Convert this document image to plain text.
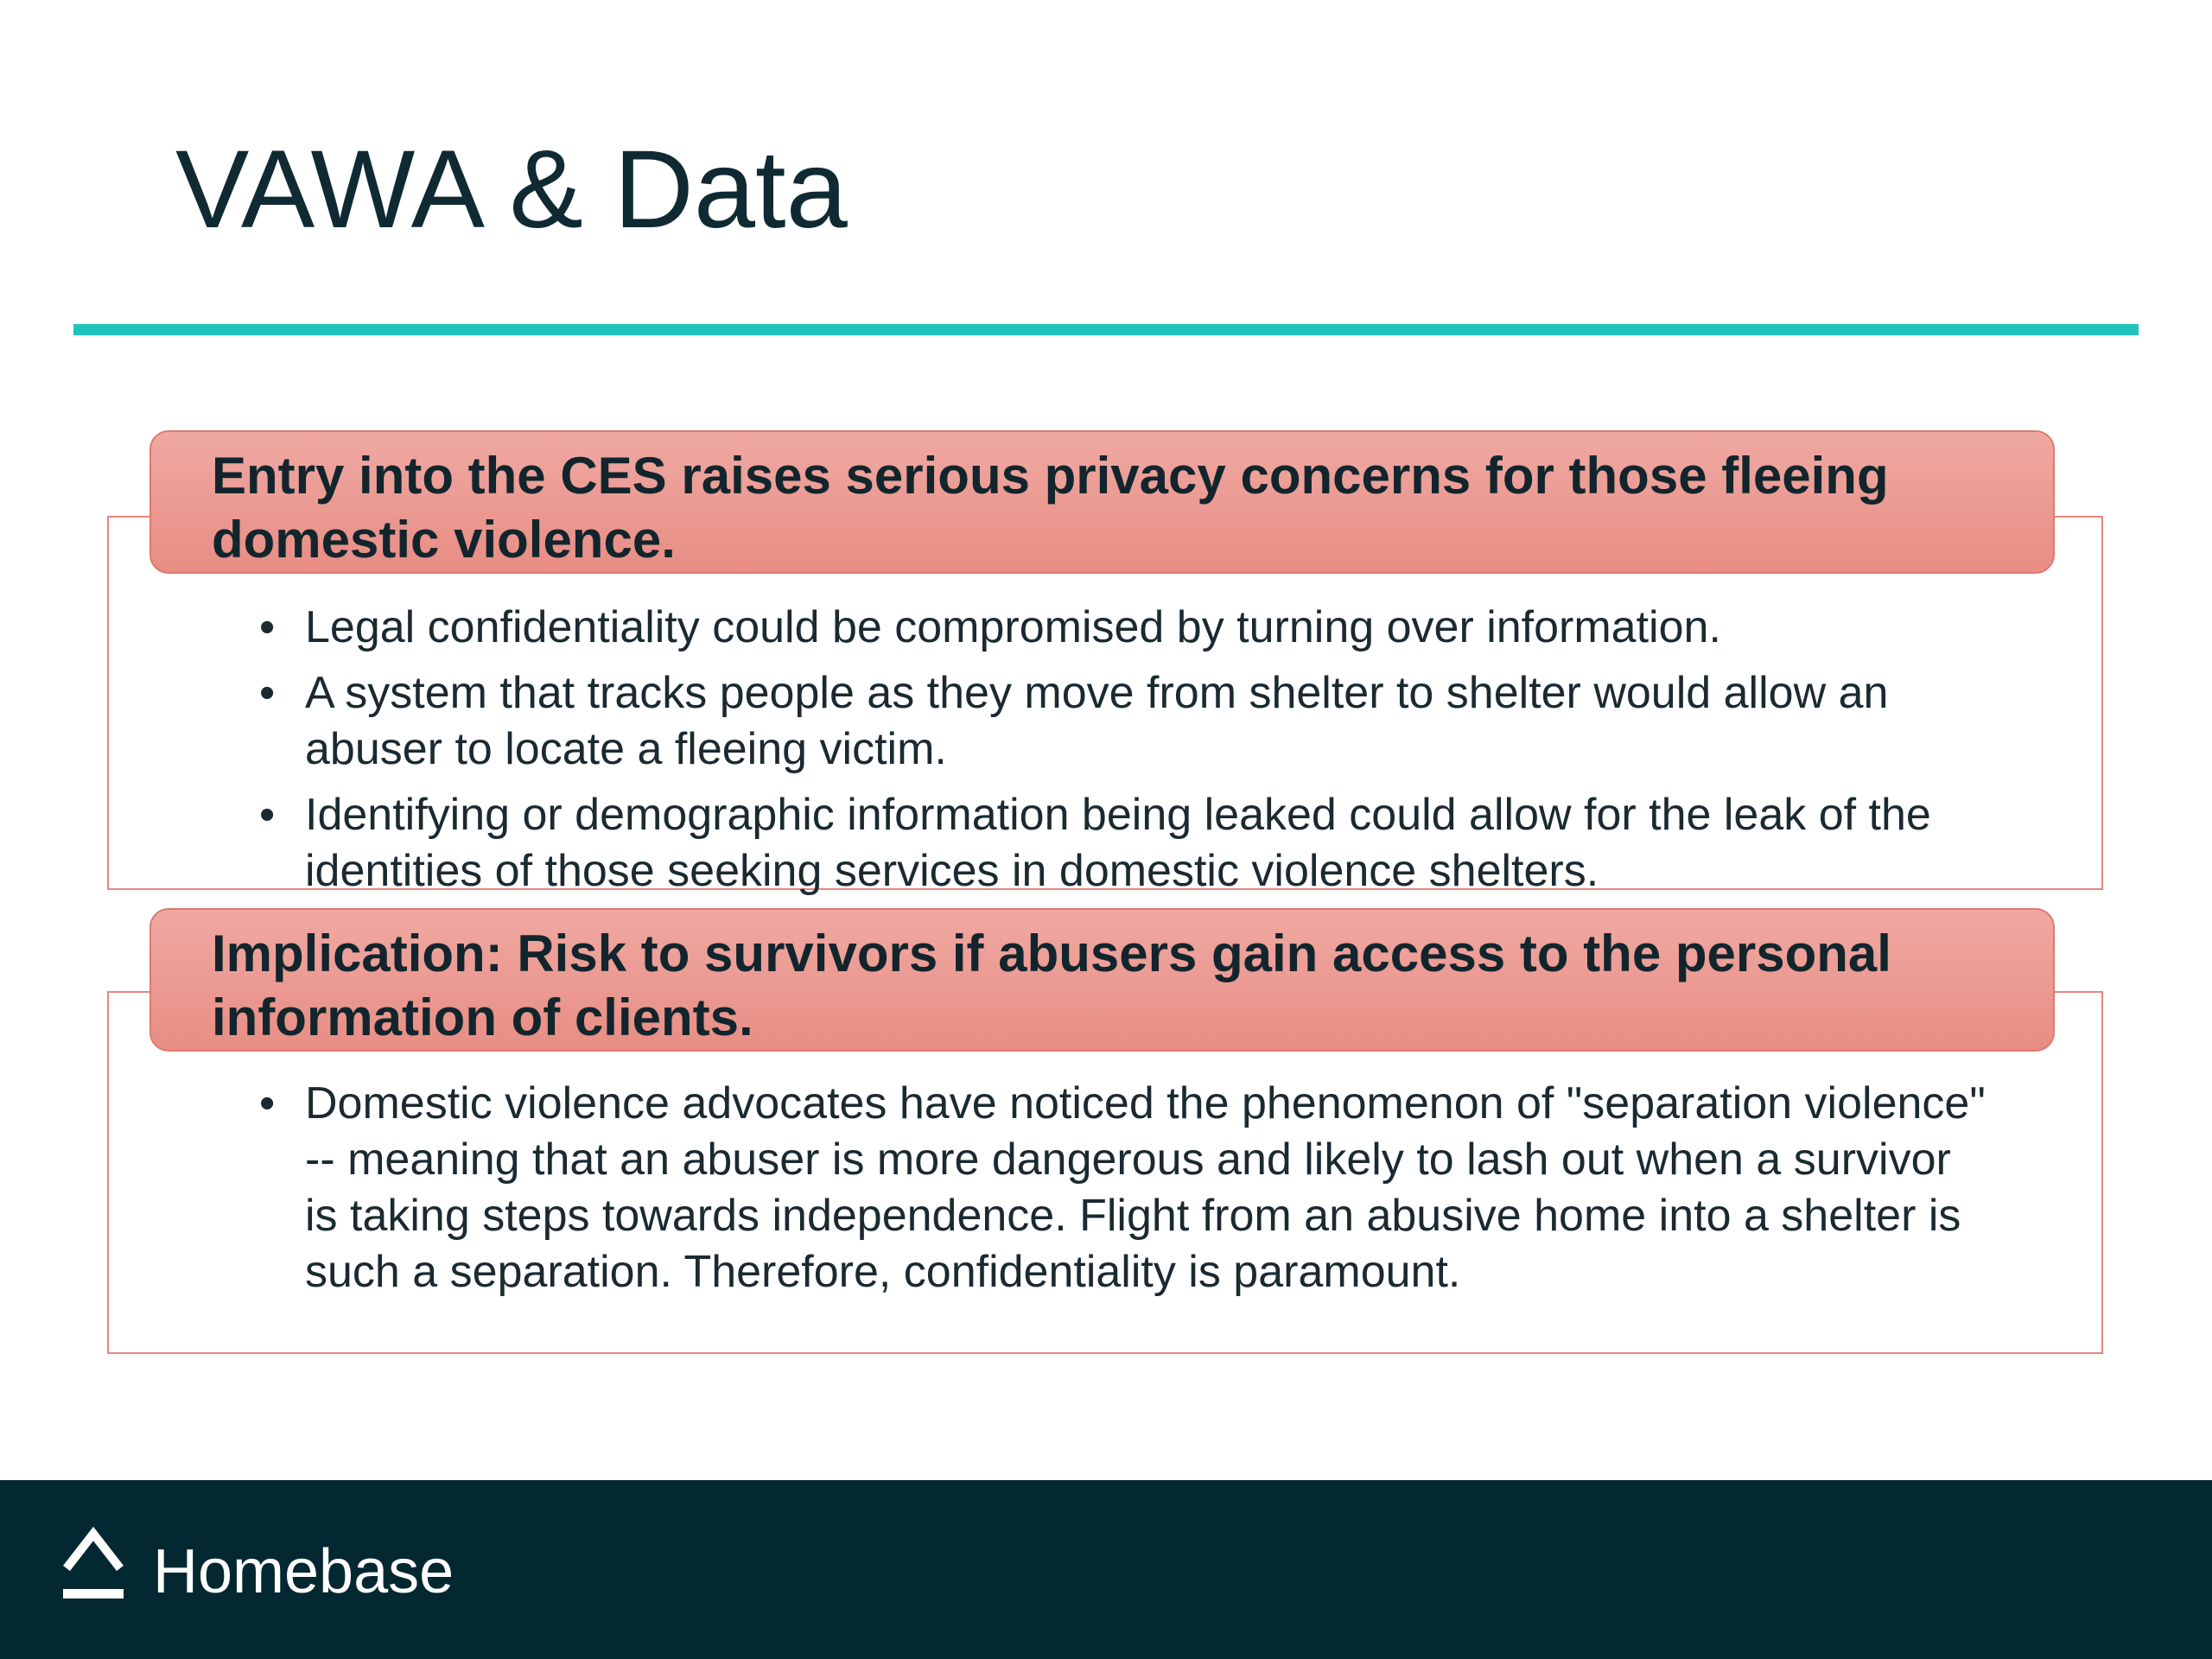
VAWA & Data
Entry into the CES raises serious privacy concerns for those fleeing domestic violence.
• Legal confidentiality could be compromised by turning over information.
• A system that tracks people as they move from shelter to shelter would allow an abuser to locate a fleeing victim.
• Identifying or demographic information being leaked could allow for the leak of the identities of those seeking services in domestic violence shelters.
Implication: Risk to survivors if abusers gain access to the personal information of clients.
• Domestic violence advocates have noticed the phenomenon of "separation violence" -- meaning that an abuser is more dangerous and likely to lash out when a survivor is taking steps towards independence. Flight from an abusive home into a shelter is such a separation. Therefore, confidentiality is paramount.
Homebase
